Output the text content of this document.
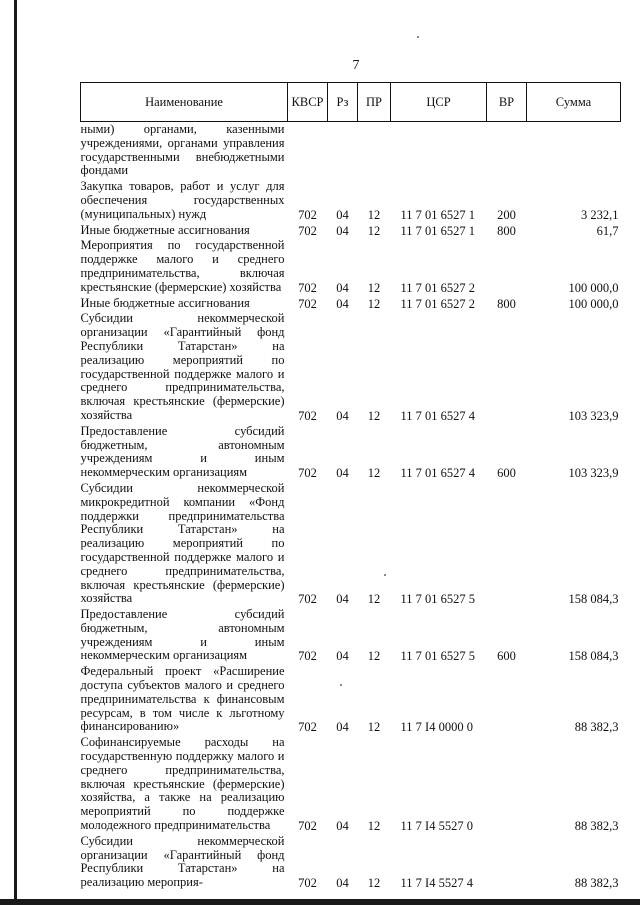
7
Наименование	КВСР	Рз	ПР	ЦСР	ВР	Сумма
ными) органами, казенными учреждениями, органами управления государственными внебюджетными фондами						
Закупка товаров, работ и услуг для обеспечения государственных (муниципальных) нужд	702	04	12	11 7 01 6527 1	200	3 232,1
Иные бюджетные ассигнования	702	04	12	11 7 01 6527 1	800	61,7
Мероприятия по государственной поддержке малого и среднего предпринимательства, включая крестьянские (фермерские) хозяйства	702	04	12	11 7 01 6527 2		100 000,0
Иные бюджетные ассигнования	702	04	12	11 7 01 6527 2	800	100 000,0
Субсидии некоммерческой организации «Гарантийный фонд Республики Татарстан» на реализацию мероприятий по государственной поддержке малого и среднего предпринимательства, включая крестьянские (фермерские) хозяйства	702	04	12	11 7 01 6527 4		103 323,9
Предоставление субсидий бюджетным, автономным учреждениям и иным некоммерческим организациям	702	04	12	11 7 01 6527 4	600	103 323,9
Субсидии некоммерческой микрокредитной компании «Фонд поддержки предпринимательства Республики Татарстан» на реализацию мероприятий по государственной поддержке малого и среднего предпринимательства, включая крестьянские (фермерские) хозяйства	702	04	12	11 7 01 6527 5		158 084,3
Предоставление субсидий бюджетным, автономным учреждениям и иным некоммерческим организациям	702	04	12	11 7 01 6527 5	600	158 084,3
Федеральный проект «Расширение доступа субъектов малого и среднего предпринимательства к финансовым ресурсам, в том числе к льготному финансированию»	702	04	12	11 7 I4 0000 0		88 382,3
Софинансируемые расходы на государственную поддержку малого и среднего предпринимательства, включая крестьянские (фермерские) хозяйства, а также на реализацию мероприятий по поддержке молодежного предпринимательства	702	04	12	11 7 I4 5527 0		88 382,3
Субсидии некоммерческой организации «Гарантийный фонд Республики Татарстан» на реализацию мероприя-	702	04	12	11 7 I4 5527 4		88 382,3
